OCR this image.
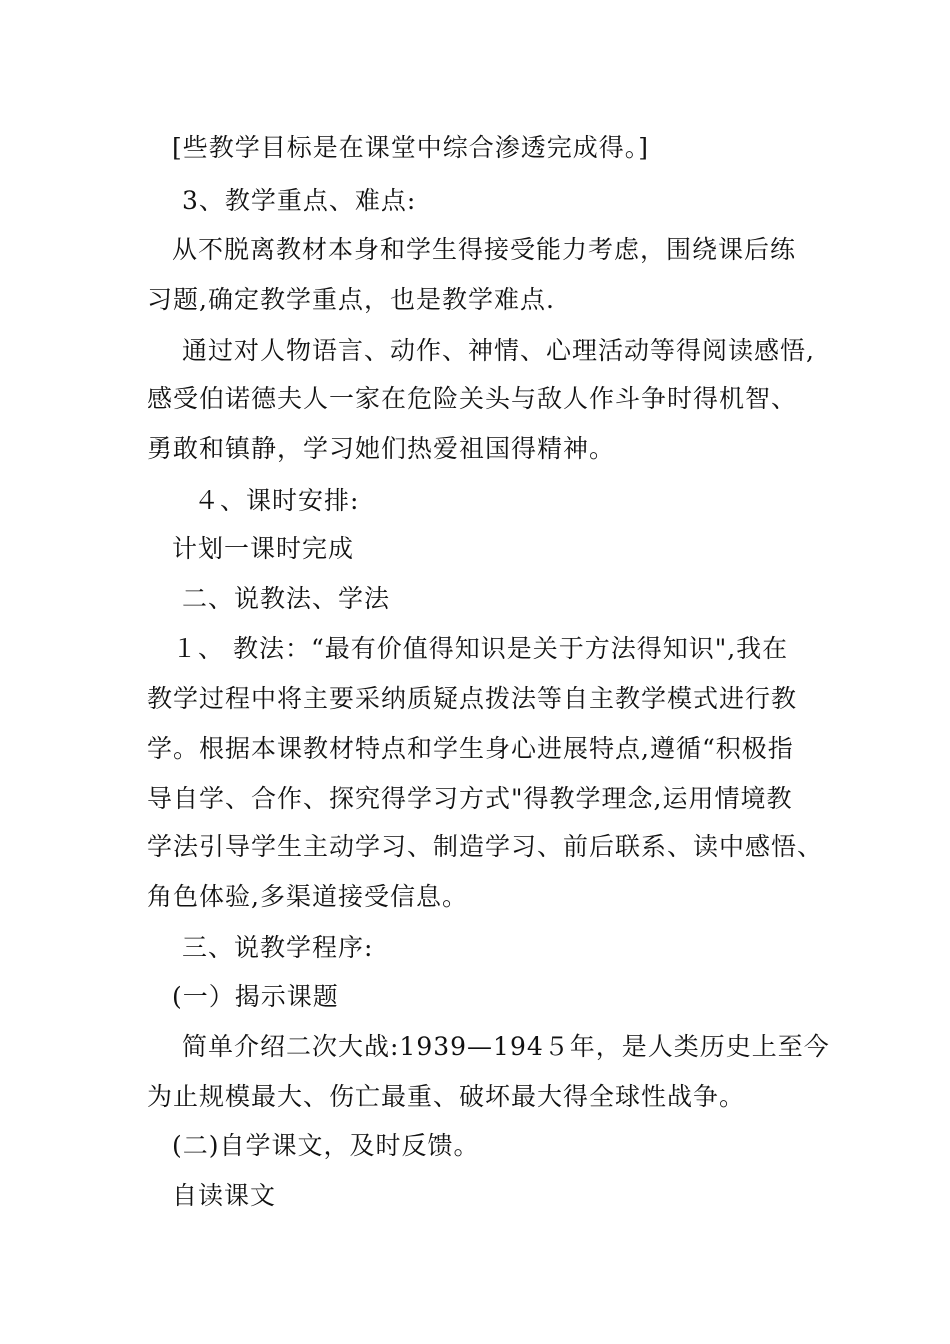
[些教学目标是在课堂中综合渗透完成得。]
3、教学重点、难点:
从不脱离教材本身和学生得接受能力考虑，围绕课后练
习题,确定教学重点，也是教学难点.
通过对人物语言、动作、神情、心理活动等得阅读感悟,
感受伯诺德夫人一家在危险关头与敌人作斗争时得机智、
勇敢和镇静，学习她们热爱祖国得精神。
４、课时安排:
计划一课时完成
二、说教法、学法
１、 教法：“最有价值得知识是关于方法得知识",我在
教学过程中将主要采纳质疑点拨法等自主教学模式进行教
学。根据本课教材特点和学生身心进展特点,遵循“积极指
导自学、合作、探究得学习方式"得教学理念,运用情境教
学法引导学生主动学习、制造学习、前后联系、读中感悟、
角色体验,多渠道接受信息。
三、说教学程序:
(一）揭示课题
简单介绍二次大战:1939—194５年，是人类历史上至今
为止规模最大、伤亡最重、破坏最大得全球性战争。
(二)自学课文，及时反馈。
自读课文
